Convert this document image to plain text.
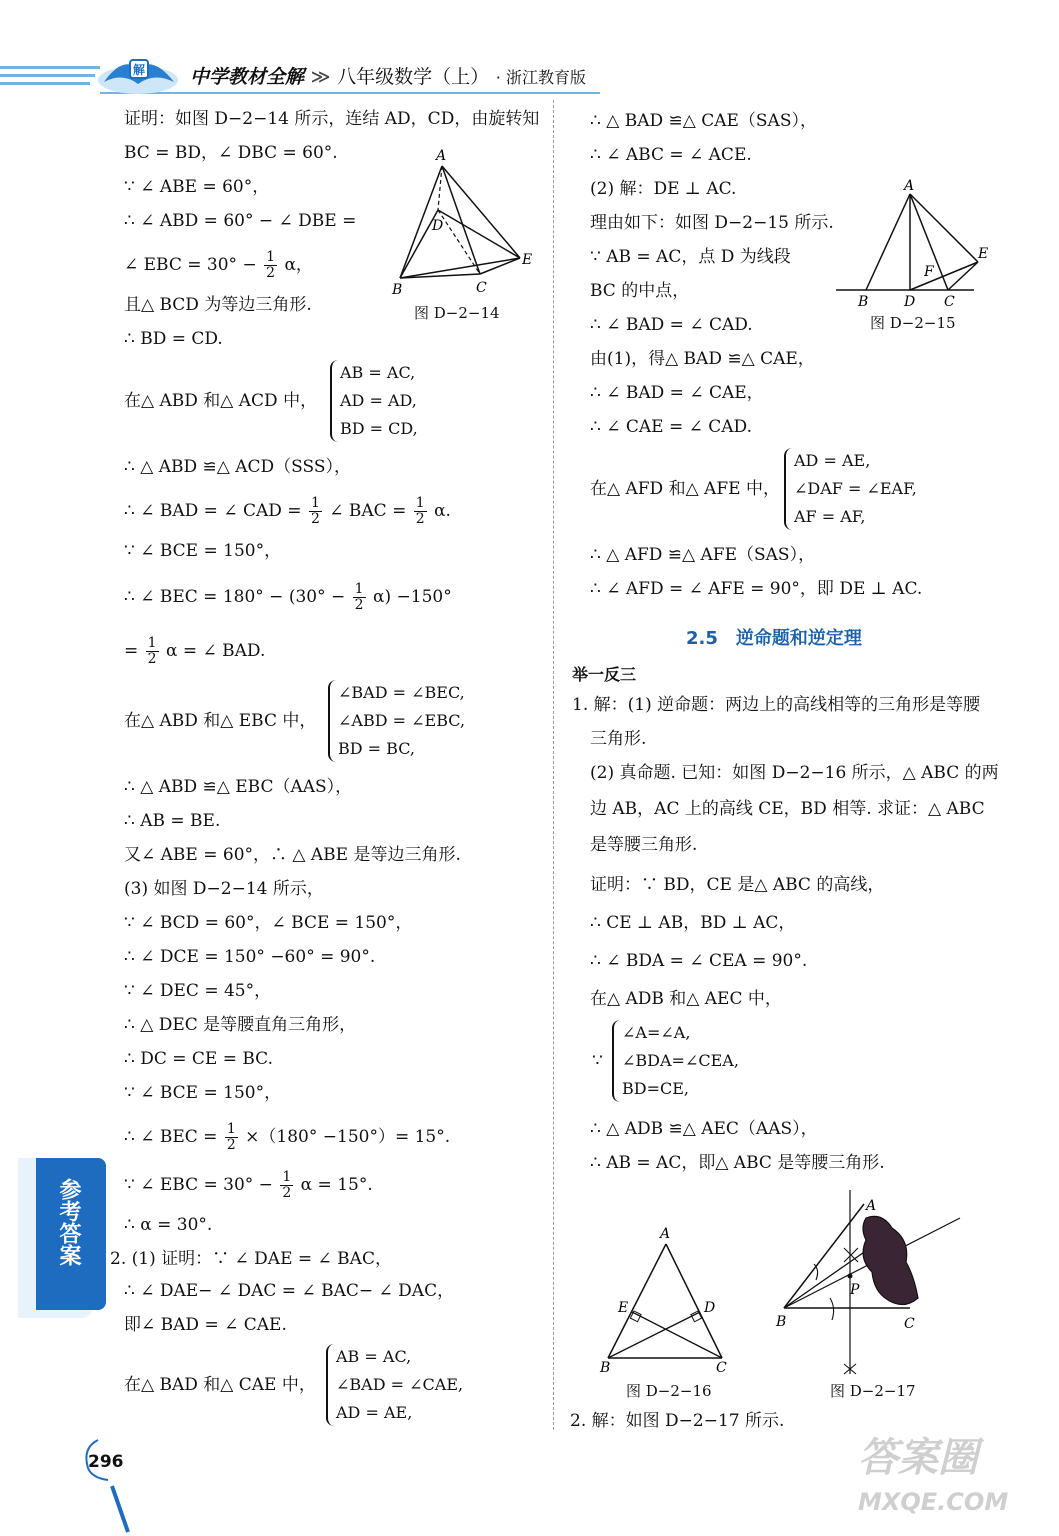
解 中学教材全解 ≫ 八年级数学（上） · 浙江教育版
证明：如图 D−2−14 所示，连结 AD，CD，由旋转知
BC = BD，∠ DBC = 60°.
∵ ∠ ABE = 60°，
∴ ∠ ABD = 60° − ∠ DBE =
∠ EBC = $30^\circ - \frac{1}{2}$ α，
且△ BCD 为等边三角形.
∴ BD = CD.
在△ ABD 和△ ACD 中，
AB = AC,
AD = AD,
BD = CD,
∴ △ ABD ≌△ ACD（SSS），
∴ ∠ BAD = ∠ CAD = $\frac{1}{2}$ ∠ BAC = $\frac{1}{2} \alpha$.
∵ ∠ BCE = 150°，
∴ ∠ BEC = $180^\circ - (30^\circ - \frac{1}{2} \alpha) -150^\circ$
= $\frac{1}{2}$ α = ∠ BAD.
在△ ABD 和△ EBC 中，
∠BAD = ∠BEC,
∠ABD = ∠EBC,
BD = BC,
∴ △ ABD ≌△ EBC（AAS），
∴ AB = BE.
又∠ ABE = 60°，∴ △ ABE 是等边三角形.
(3) 如图 D−2−14 所示，
∵ ∠ BCD = 60°，∠ BCE = 150°，
∴ ∠ DCE = 150° −60° = 90°.
∵ ∠ DEC = 45°，
∴ △ DEC 是等腰直角三角形，
∴ DC = CE = BC.
∵ ∠ BCE = 150°，
∴ ∠ BEC = $\frac{1}{2} \times(180^\circ -150^\circ)= 15^\circ$.
∵ ∠ EBC = $30^\circ - \frac{1}{2}$ α = 15°.
∴ α = 30°.
2. (1) 证明：∵ ∠ DAE = ∠ BAC，
∴ ∠ DAE− ∠ DAC = ∠ BAC− ∠ DAC，
即∠ BAD = ∠ CAE.
在△ BAD 和△ CAE 中，
AB = AC,
∠BAD = ∠CAE,
AD = AE,
A
B	C
D
E
图 D−2−14
∴ △ BAD ≌△ CAE（SAS），
∴ ∠ ABC = ∠ ACE.
(2) 解：DE ⊥ AC.
理由如下：如图 D−2−15 所示.
∵ AB = AC，点 D 为线段
BC 的中点，
∴ ∠ BAD = ∠ CAD.
由(1)，得△ BAD ≌△ CAE，
∴ ∠ BAD = ∠ CAE，
∴ ∠ CAE = ∠ CAD.
在△ AFD 和△ AFE 中，
AD = AE,
∠DAF = ∠EAF,
AF = AF,
∴ △ AFD ≌△ AFE（SAS），
∴ ∠ AFD = ∠ AFE = 90°，即 DE ⊥ AC.
2.5　逆命题和逆定理
举一反三
1. 解：(1) 逆命题：两边上的高线相等的三角形是等腰
三角形.
(2) 真命题. 已知：如图 D−2−16 所示，△ ABC 的两
边 AB，AC 上的高线 CE，BD 相等. 求证：△ ABC
是等腰三角形.
证明：∵ BD，CE 是△ ABC 的高线，
∴ CE ⊥ AB，BD ⊥ AC，
∴ ∠ BDA = ∠ CEA = 90°.
在△ ADB 和△ AEC 中，
∵
∠A=∠A,
∠BDA=∠CEA,
BD=CE,
∴ △ ADB ≌△ AEC（AAS），
∴ AB = AC，即△ ABC 是等腰三角形.
2. 解：如图 D−2−17 所示.
A
B	D C
E
F
图 D−2−15
A
B	C
D
E
图 D−2−16
A
B	C
P
图 D−2−17
参考答案
296	答案圈
MXQE.COM
